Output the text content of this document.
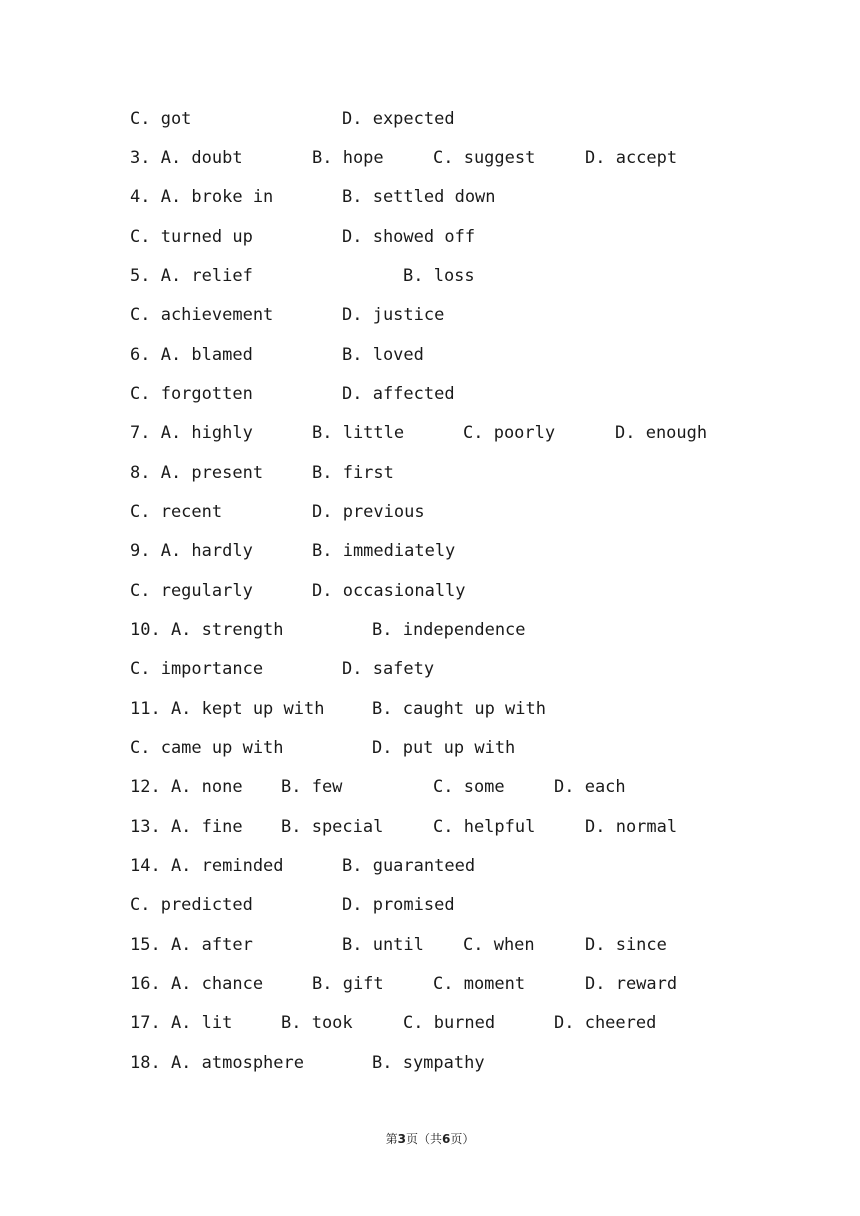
第3页（共6页）
C. got	D. expected
3. A. doubt	B. hope	C. suggest	D. accept
4. A. broke in	B. settled down
C. turned up	D. showed off
5. A. relief	B. loss
C. achievement	D. justice
6. A. blamed	B. loved
C. forgotten	D. affected
7. A. highly	B. little	C. poorly	D. enough
8. A. present	B. first
C. recent	D. previous
9. A. hardly	B. immediately
C. regularly	D. occasionally
10. A. strength	B. independence
C. importance	D. safety
11. A. kept up with	B. caught up with
C. came up with	D. put up with
12. A. none B. few	C. some	D. each
13. A. fine B. special	C. helpful	D. normal
14. A. reminded	B. guaranteed
C. predicted	D. promised
15. A. after	B. until C. when	D. since
16. A. chance	B. gift	C. moment	D. reward
17. A. lit	B. took	C. burned	D. cheered
18. A. atmosphere	B. sympathy
